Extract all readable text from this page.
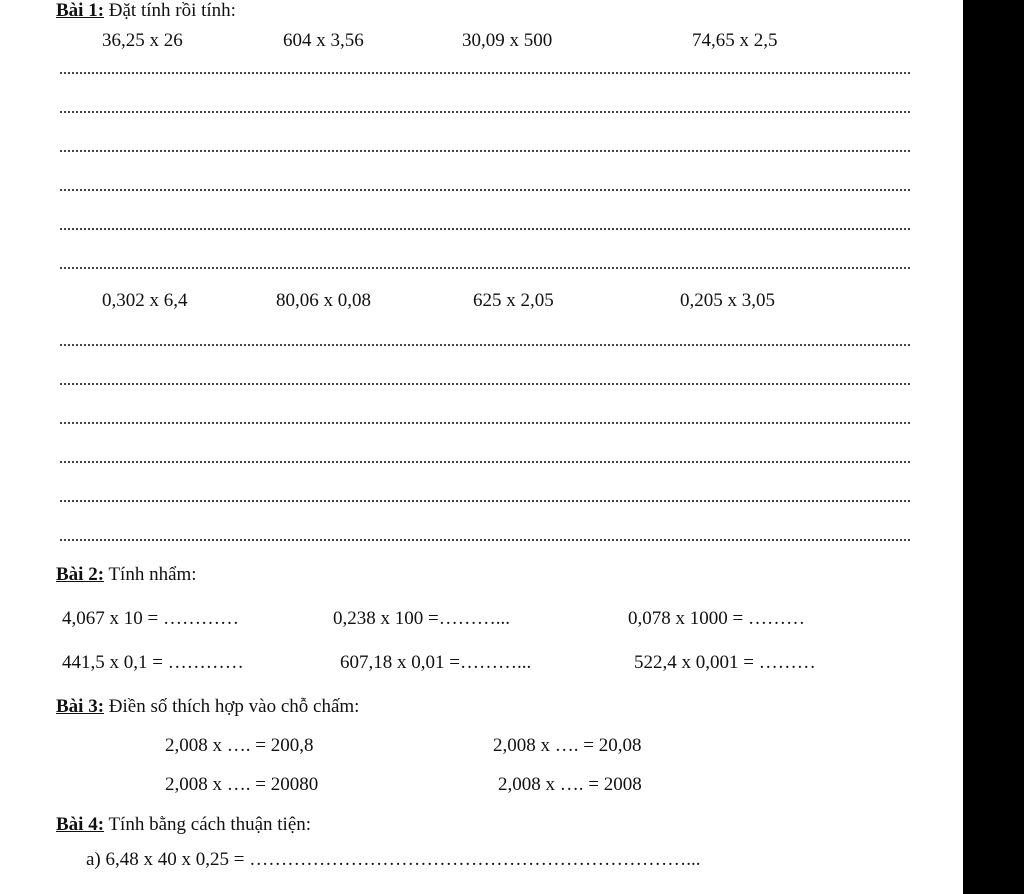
Bài 1: Đặt tính rồi tính:
36,25 x 26	604 x 3,56	30,09 x 500	74,65 x 2,5
0,302 x 6,4	80,06 x 0,08	625 x 2,05	0,205 x 3,05
Bài 2: Tính nhẩm:
4,067 x 10 = …………	0,238 x 100 =………...	0,078 x 1000 = ………
441,5 x 0,1 = …………	607,18 x 0,01 =………...	522,4 x 0,001 = ………
Bài 3: Điền số thích hợp vào chỗ chấm:
2,008 x …. = 200,8	2,008 x …. = 20,08
2,008 x …. = 20080	2,008 x …. = 2008
Bài 4: Tính bằng cách thuận tiện:
a) 6,48 x 40 x 0,25 = ……………………………………………………………...
